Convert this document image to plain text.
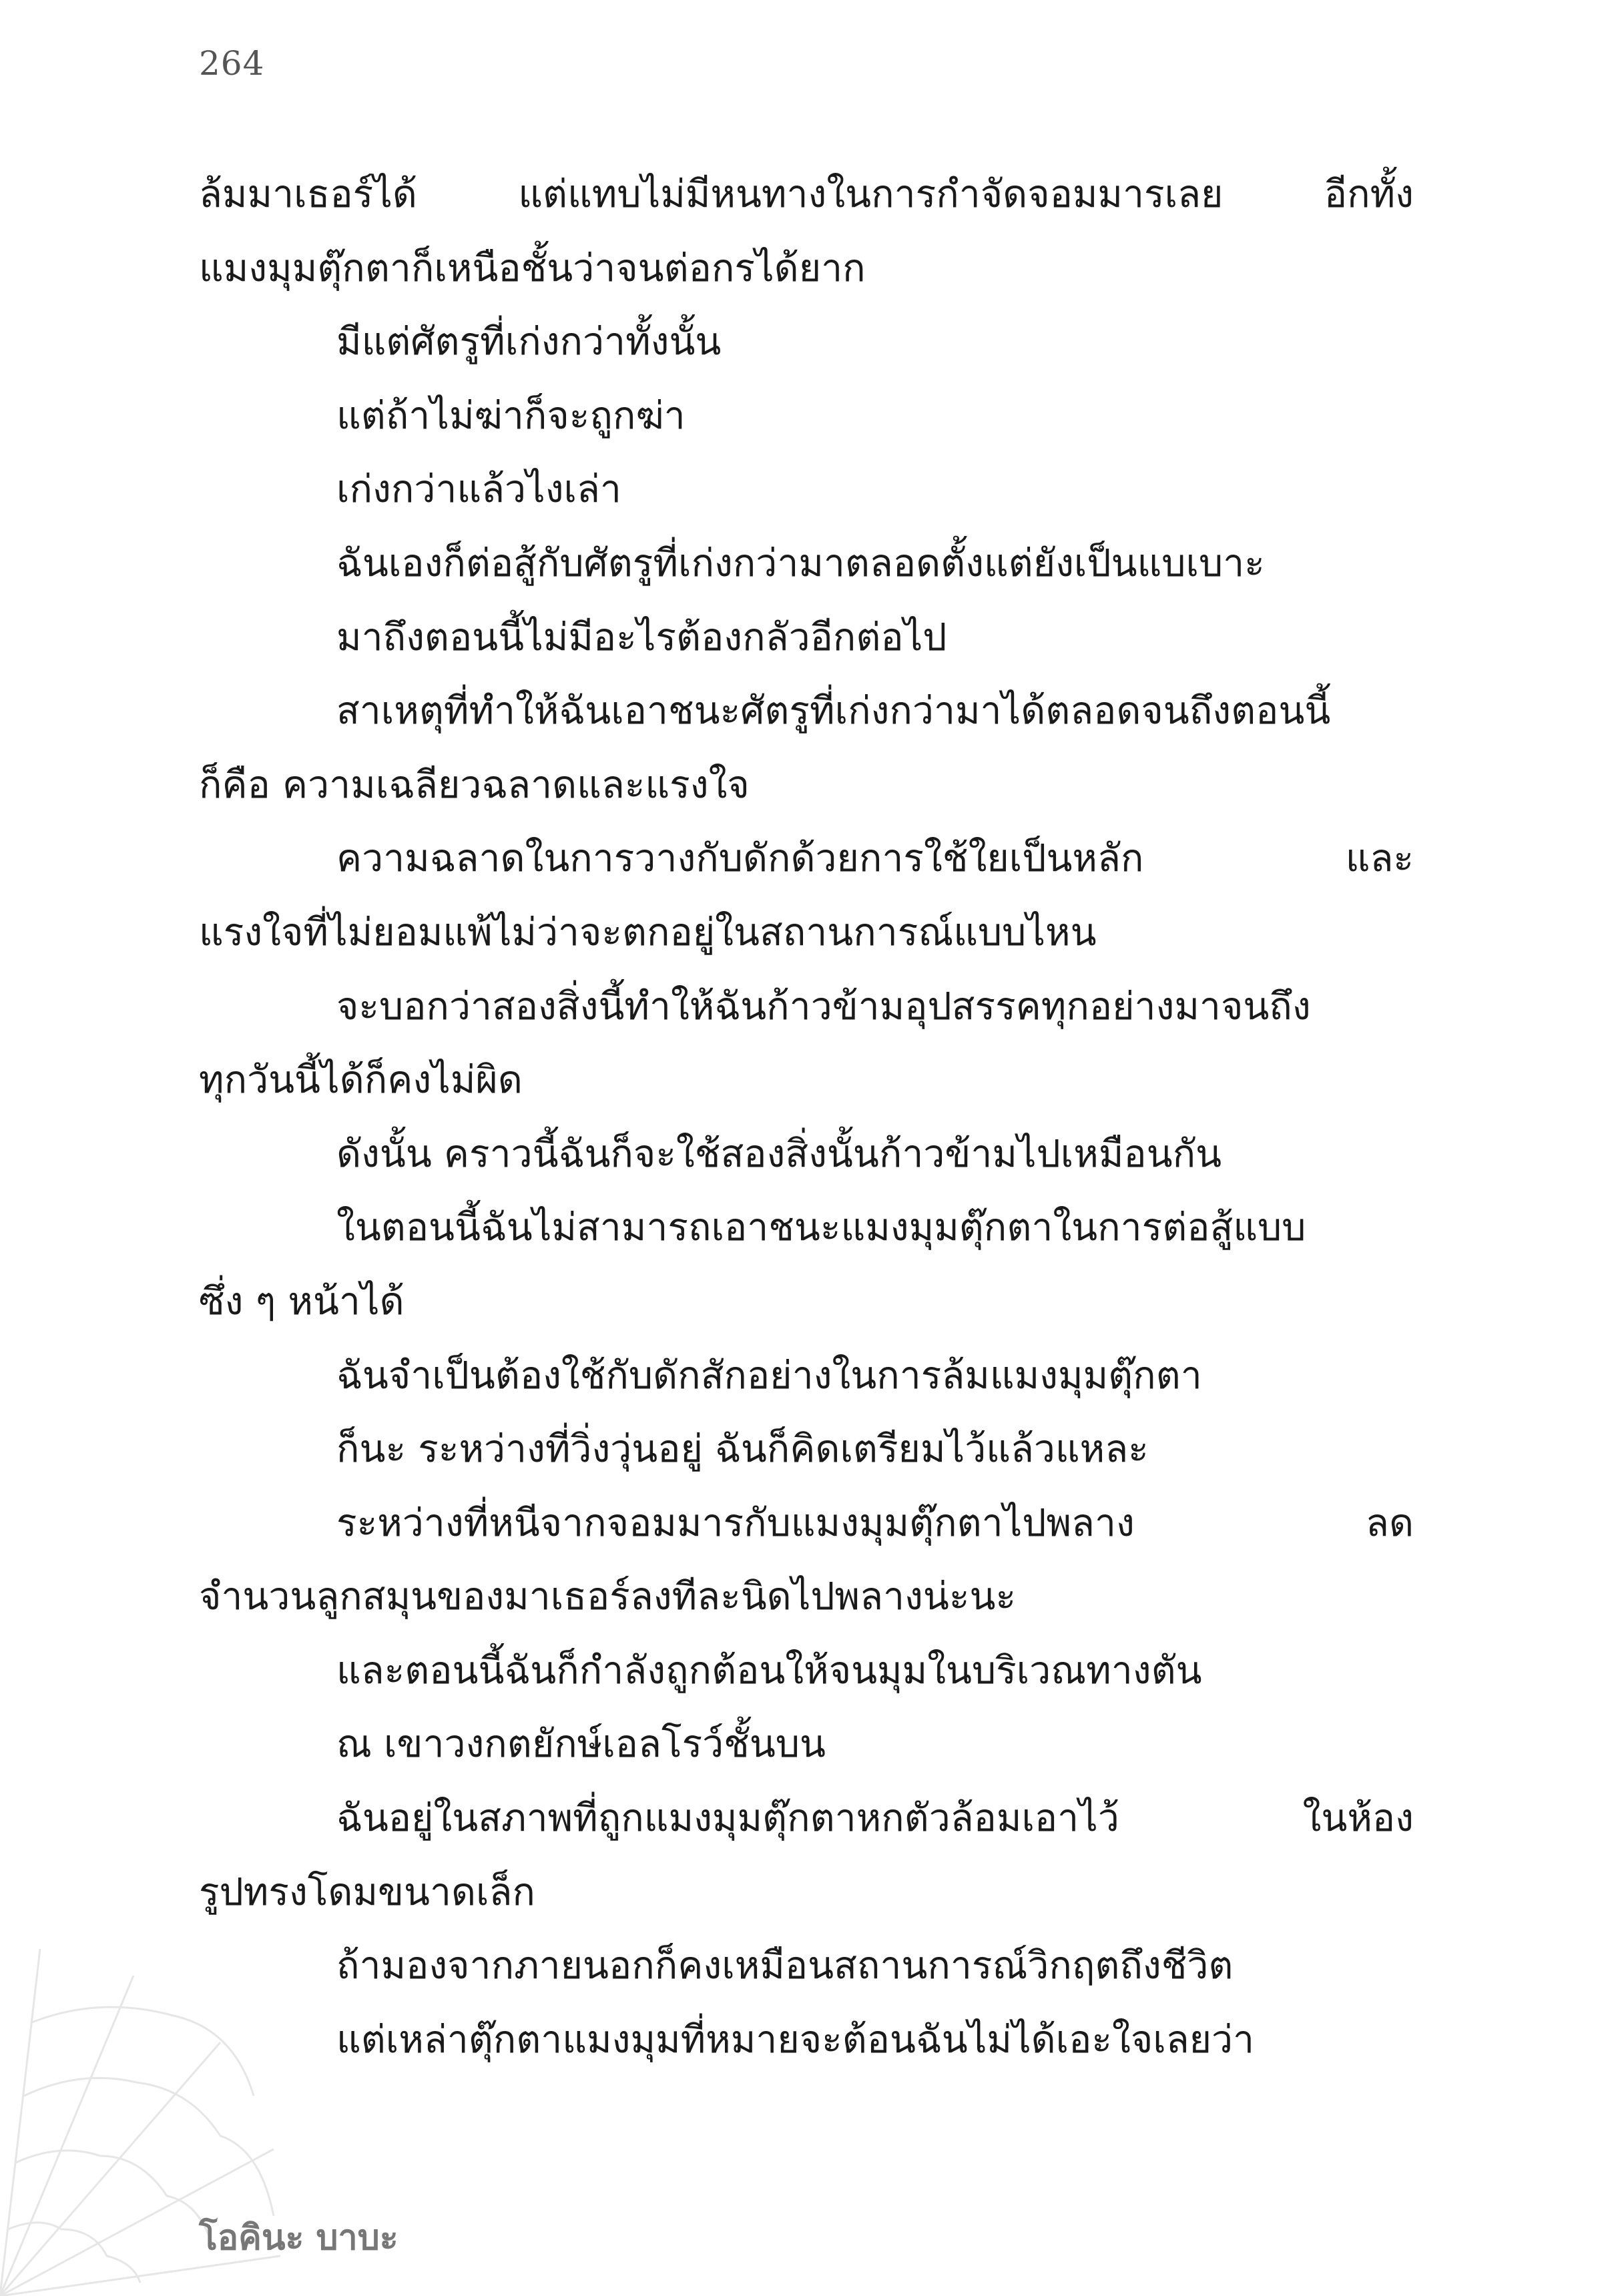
264
ล้มมาเธอร์ได้ แต่แทบไม่มีหนทางในการกำจัดจอมมารเลย อีกทั้ง
แมงมุมตุ๊กตาก็เหนือชั้นว่าจนต่อกรได้ยาก
มีแต่ศัตรูที่เก่งกว่าทั้งนั้น
แต่ถ้าไม่ฆ่าก็จะถูกฆ่า
เก่งกว่าแล้วไงเล่า
ฉันเองก็ต่อสู้กับศัตรูที่เก่งกว่ามาตลอดตั้งแต่ยังเป็นแบเบาะ
มาถึงตอนนี้ไม่มีอะไรต้องกลัวอีกต่อไป
สาเหตุที่ทำให้ฉันเอาชนะศัตรูที่เก่งกว่ามาได้ตลอดจนถึงตอนนี้
ก็คือ ความเฉลียวฉลาดและแรงใจ
ความฉลาดในการวางกับดักด้วยการใช้ใยเป็นหลัก และ
แรงใจที่ไม่ยอมแพ้ไม่ว่าจะตกอยู่ในสถานการณ์แบบไหน
จะบอกว่าสองสิ่งนี้ทำให้ฉันก้าวข้ามอุปสรรคทุกอย่างมาจนถึง
ทุกวันนี้ได้ก็คงไม่ผิด
ดังนั้น คราวนี้ฉันก็จะใช้สองสิ่งนั้นก้าวข้ามไปเหมือนกัน
ในตอนนี้ฉันไม่สามารถเอาชนะแมงมุมตุ๊กตาในการต่อสู้แบบ
ซึ่ง ๆ หน้าได้
ฉันจำเป็นต้องใช้กับดักสักอย่างในการล้มแมงมุมตุ๊กตา
ก็นะ ระหว่างที่วิ่งวุ่นอยู่ ฉันก็คิดเตรียมไว้แล้วแหละ
ระหว่างที่หนีจากจอมมารกับแมงมุมตุ๊กตาไปพลาง ลด
จำนวนลูกสมุนของมาเธอร์ลงทีละนิดไปพลางน่ะนะ
และตอนนี้ฉันก็กำลังถูกต้อนให้จนมุมในบริเวณทางตัน
ณ เขาวงกตยักษ์เอลโรว์ชั้นบน
ฉันอยู่ในสภาพที่ถูกแมงมุมตุ๊กตาหกตัวล้อมเอาไว้ ในห้อง
รูปทรงโดมขนาดเล็ก
ถ้ามองจากภายนอกก็คงเหมือนสถานการณ์วิกฤตถึงชีวิต
แต่เหล่าตุ๊กตาแมงมุมที่หมายจะต้อนฉันไม่ได้เอะใจเลยว่า
โอคินะ บาบะ
